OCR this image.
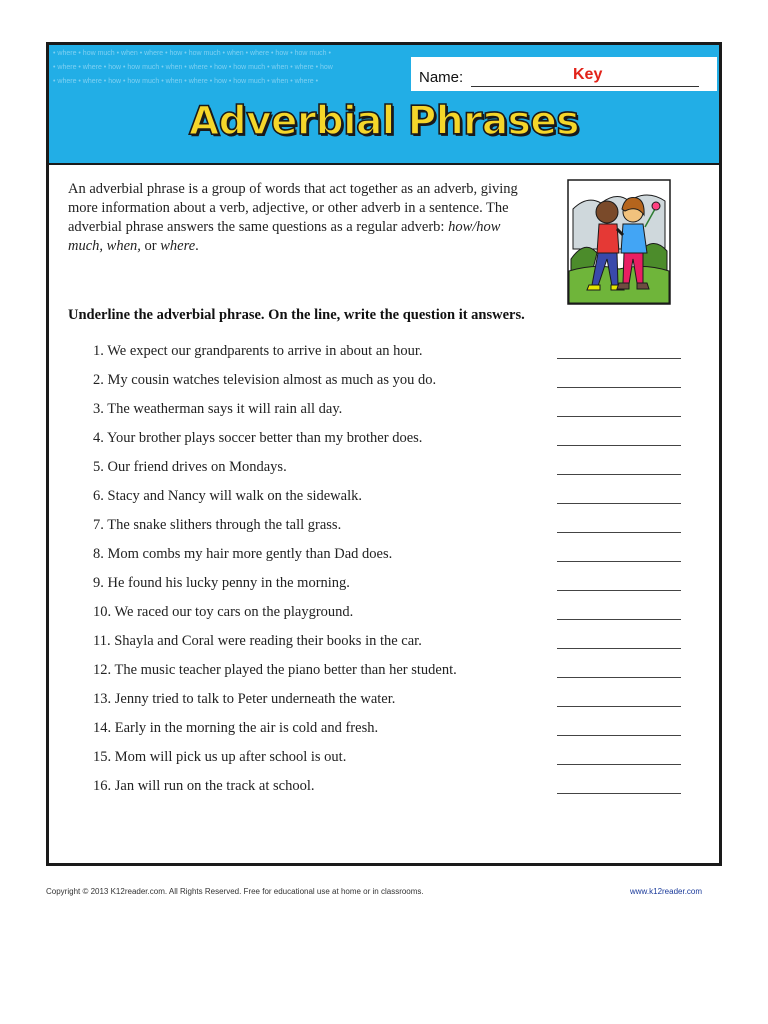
• where • how much • when • where • how • how much • when • where • how • how much •
• where • where • how • how much • when • where • how • how much • when • where • how
• where • where • how • how much • when • where • how • how much • when • where •	Name:	Key
Adverbial Phrases

An adverbial phrase is a group of words that act together as an adverb, giving more information about a verb, adjective, or other adverb in a sentence. The adverbial phrase answers the same questions as a regular adverb: how/how much, when, or where.

Underline the adverbial phrase. On the line, write the question it answers.
1. We expect our grandparents to arrive in about an hour.
2. My cousin watches television almost as much as you do.
3. The weatherman says it will rain all day.
4. Your brother plays soccer better than my brother does.
5. Our friend drives on Mondays.
6. Stacy and Nancy will walk on the sidewalk.
7. The snake slithers through the tall grass.
8. Mom combs my hair more gently than Dad does.
9. He found his lucky penny in the morning.
10. We raced our toy cars on the playground.
11. Shayla and Coral were reading their books in the car.
12. The music teacher played the piano better than her student.
13. Jenny tried to talk to Peter underneath the water.
14. Early in the morning the air is cold and fresh.
15. Mom will pick us up after school is out.
16. Jan will run on the track at school.
Copyright © 2013 K12reader.com. All Rights Reserved. Free for educational use at home or in classrooms.	www.k12reader.com
